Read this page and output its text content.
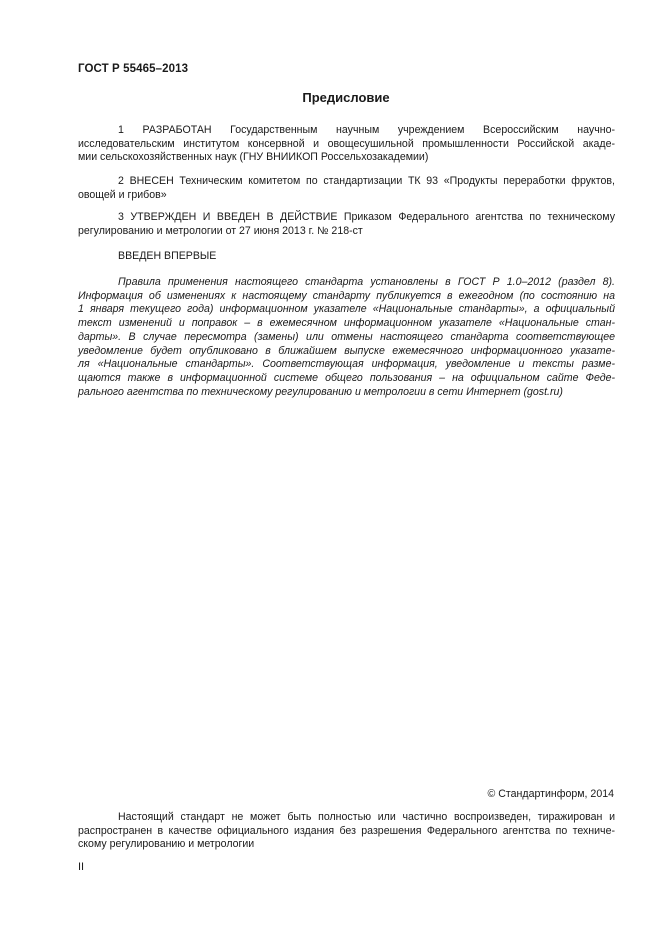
ГОСТ Р 55465–2013
Предисловие
1 РАЗРАБОТАН Государственным научным учреждением Всероссийским научно-
исследовательским институтом консервной и овощесушильной промышленности Российской акаде-
мии сельскохозяйственных наук (ГНУ ВНИИКОП Россельхозакадемии)
2 ВНЕСЕН Техническим комитетом по стандартизации ТК 93 «Продукты переработки фруктов,
овощей и грибов»
3 УТВЕРЖДЕН И ВВЕДЕН В ДЕЙСТВИЕ Приказом Федерального агентства по техническому
регулированию и метрологии от 27 июня 2013 г. № 218-ст
ВВЕДЕН ВПЕРВЫЕ
Правила применения настоящего стандарта установлены в ГОСТ Р 1.0–2012 (раздел 8).
Информация об изменениях к настоящему стандарту публикуется в ежегодном (по состоянию на
1 января текущего года) информационном указателе «Национальные стандарты», а официальный
текст изменений и поправок – в ежемесячном информационном указателе «Национальные стан-
дарты». В случае пересмотра (замены) или отмены настоящего стандарта соответствующее
уведомление будет опубликовано в ближайшем выпуске ежемесячного информационного указате-
ля «Национальные стандарты». Соответствующая информация, уведомление и тексты разме-
щаются также в информационной системе общего пользования – на официальном сайте Феде-
рального агентства по техническому регулированию и метрологии в сети Интернет (gost.ru)
© Стандартинформ, 2014
Настоящий стандарт не может быть полностью или частично воспроизведен, тиражирован и
распространен в качестве официального издания без разрешения Федерального агентства по техниче-
скому регулированию и метрологии
II
